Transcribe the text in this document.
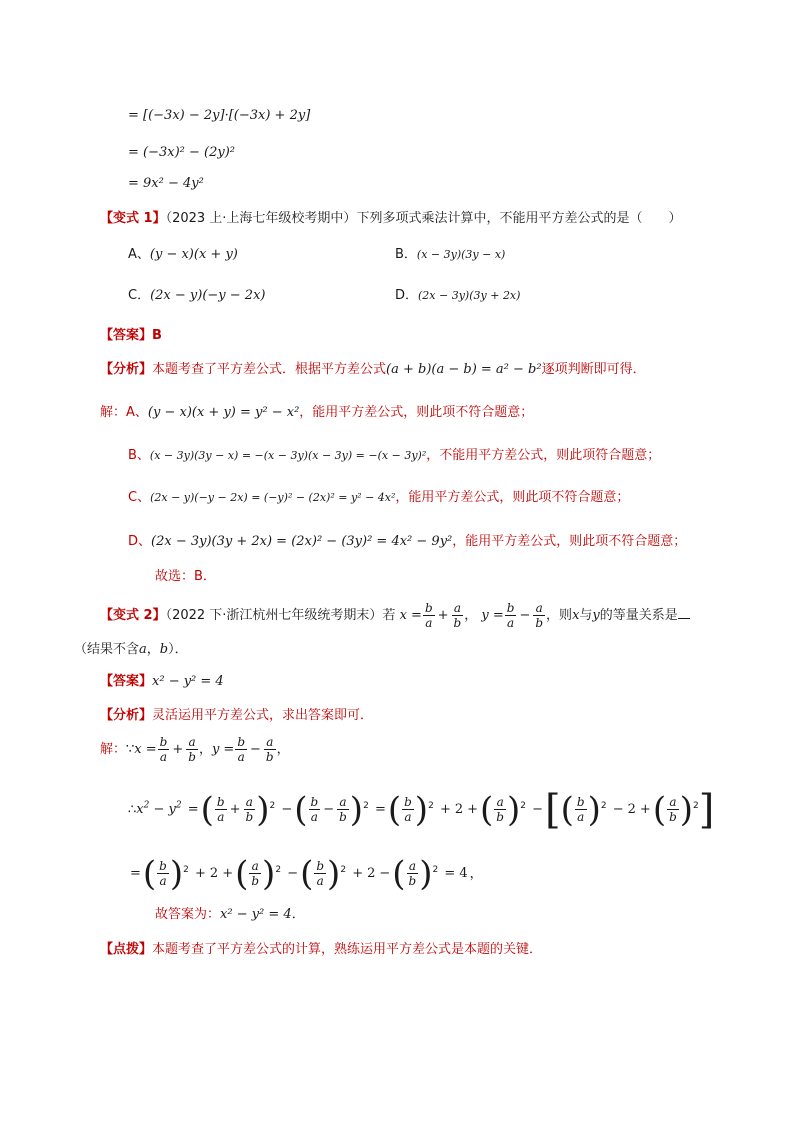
= [(−3x) − 2y]·[(−3x) + 2y]
= (−3x)² − (2y)²
= 9x² − 4y²
【变式 1】（2023 上·上海七年级校考期中）下列多项式乘法计算中，不能用平方差公式的是（　　）
A、(y − x)(x + y)	B．(x − 3y)(3y − x)
C．(2x − y)(−y − 2x)	D．(2x − 3y)(3y + 2x)
【答案】B
【分析】本题考查了平方差公式．根据平方差公式(a + b)(a − b) = a² − b²逐项判断即可得．
解：A、(y − x)(x + y) = y² − x²，能用平方差公式，则此项不符合题意；
B、(x − 3y)(3y − x) = −(x − 3y)(x − 3y) = −(x − 3y)²，不能用平方差公式，则此项符合题意；
C、(2x − y)(−y − 2x) = (−y)² − (2x)² = y² − 4x²，能用平方差公式，则此项不符合题意；
D、(2x − 3y)(3y + 2x) = (2x)² − (3y)² = 4x² − 9y²，能用平方差公式，则此项不符合题意；
故选：B．
【变式 2】（2022 下·浙江杭州七年级统考期末）若 $x = \frac{b}{a} + \frac{a}{b}$ ， $y = \frac{b}{a} - \frac{a}{b}$ ，则x与y的等量关系是
（结果不含a，b）．
【答案】x² − y² = 4
【分析】灵活运用平方差公式，求出答案即可．
解：∵x = $\frac{b}{a} + \frac{a}{b}$ ，$y = \frac{b}{a} - \frac{a}{b}$ ，
$\therefore x^2 - y^2$ =( $\frac{b}{a} + \frac{a}{b} )^2$ −( $\frac{b}{a} - \frac{a}{b} )^2$ =( $\frac{b}{a} )^2 + 2$ +( $\frac{a}{b} )^2$ −[( $\frac{b}{a} )^2 - 2$ +( $\frac{a}{b} )^2$]
=( $\frac{b}{a} )^2 + 2$ +( $\frac{a}{b} )^2$ −( $\frac{b}{a} )^2 + 2$ −( $\frac{a}{b} )^2 = 4$ ，
故答案为：x² − y² = 4．
【点拨】本题考查了平方差公式的计算，熟练运用平方差公式是本题的关键．
